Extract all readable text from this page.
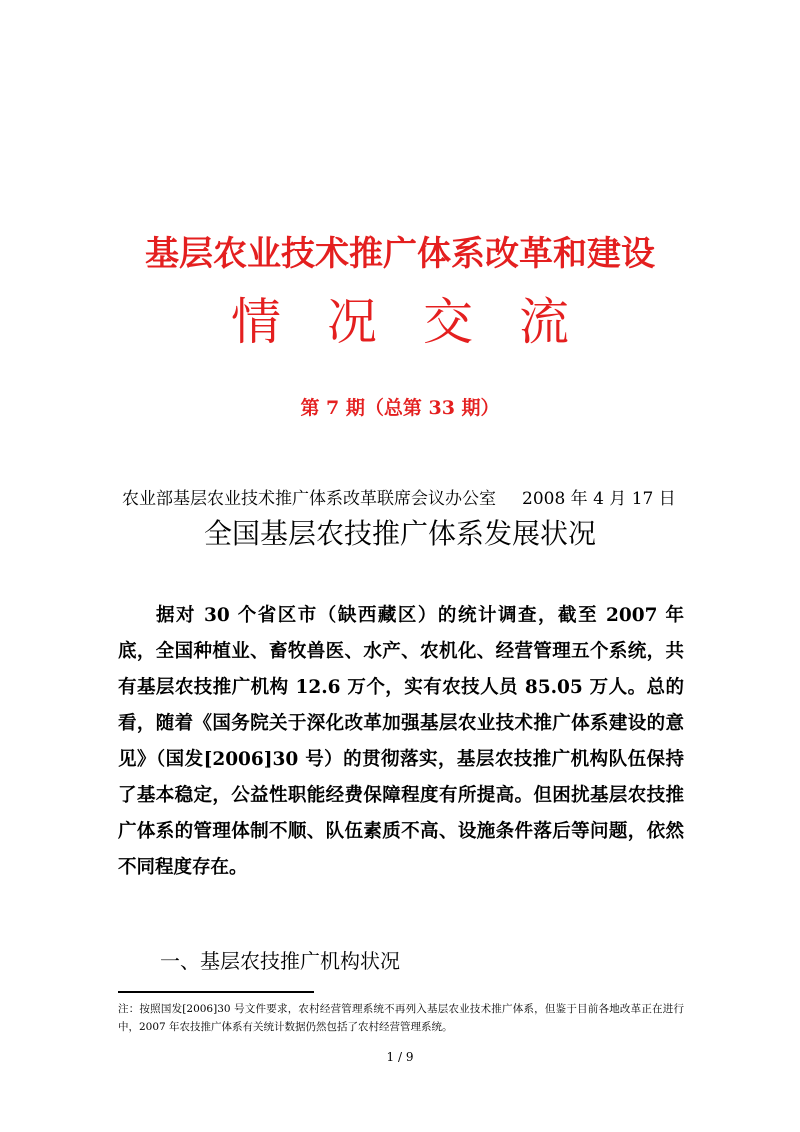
基层农业技术推广体系改革和建设
情况交流
第 7 期（总第 33 期）
农业部基层农业技术推广体系改革联席会议办公室 2008 年 4 月 17 日
全国基层农技推广体系发展状况
据对 30 个省区市（缺西藏区）的统计调查，截至 2007 年底，全国种植业、畜牧兽医、水产、农机化、经营管理五个系统，共有基层农技推广机构 12.6 万个，实有农技人员 85.05 万人。总的看，随着《国务院关于深化改革加强基层农业技术推广体系建设的意见》（国发[2006]30 号）的贯彻落实，基层农技推广机构队伍保持了基本稳定，公益性职能经费保障程度有所提高。但困扰基层农技推广体系的管理体制不顺、队伍素质不高、设施条件落后等问题，依然不同程度存在。
一、基层农技推广机构状况
注：按照国发[2006]30 号文件要求，农村经营管理系统不再列入基层农业技术推广体系，但鉴于目前各地改革正在进行中，2007 年农技推广体系有关统计数据仍然包括了农村经营管理系统。
1 / 9
